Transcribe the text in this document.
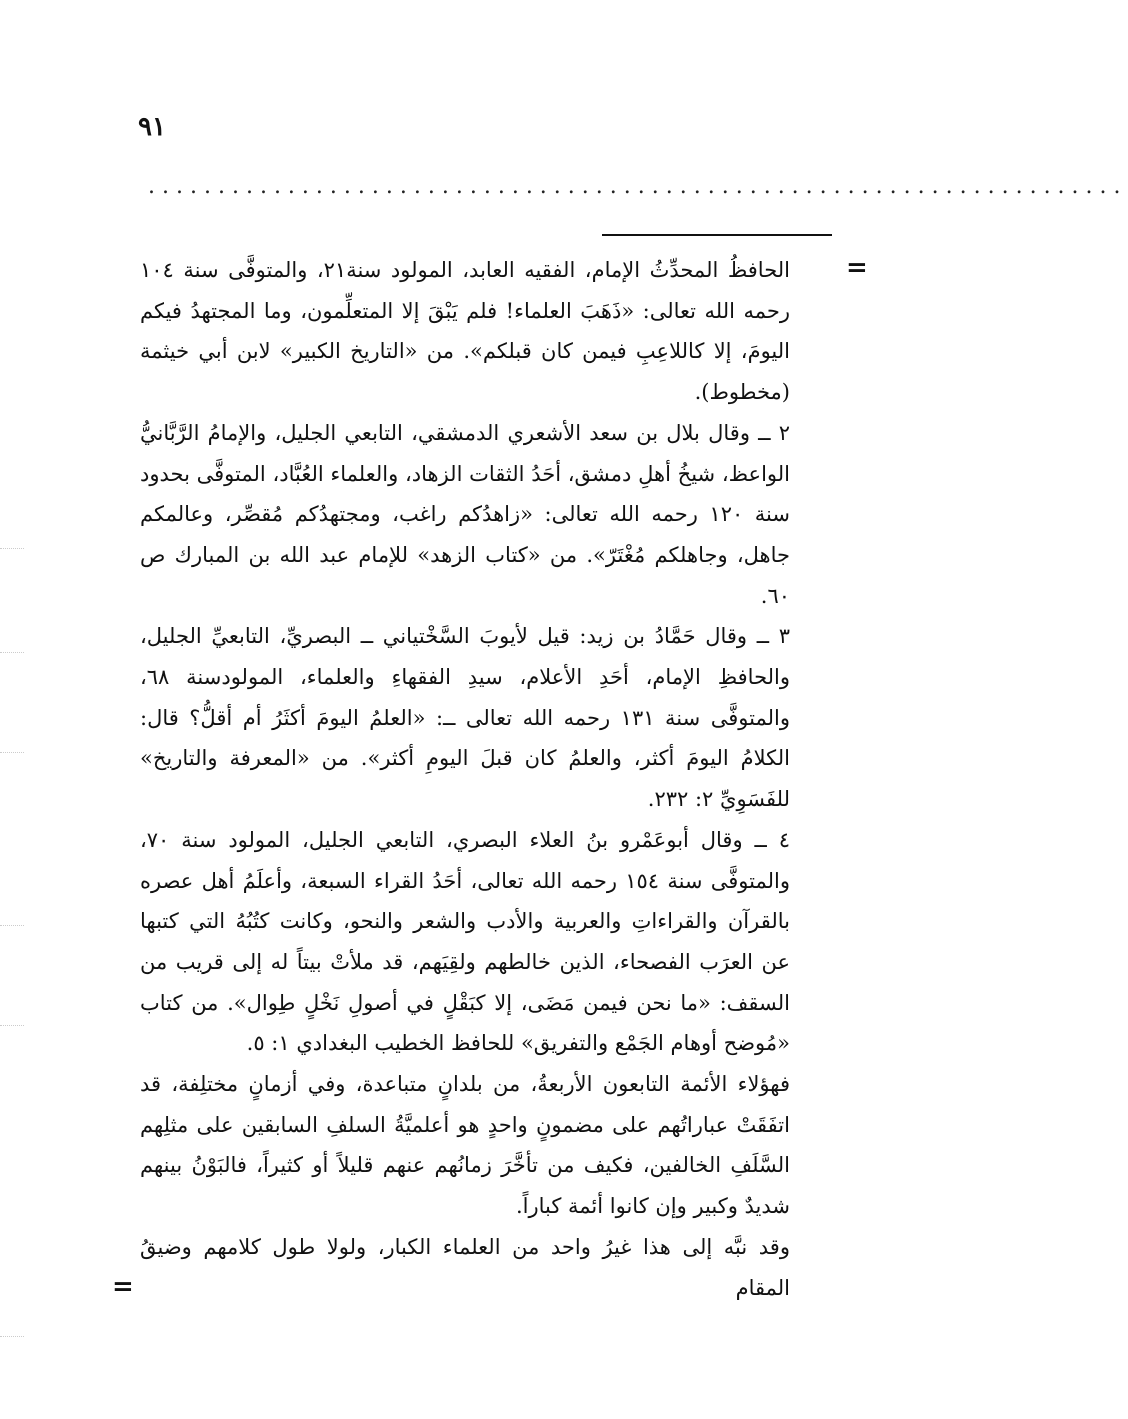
٩١
......................................................................
=

الحافظُ المحدِّثُ الإمام، الفقيه العابد، المولود سنة٢١، والمتوفَّى سنة ١٠٤ رحمه الله تعالى: «ذَهَبَ العلماء! فلم يَبْقَ إلا المتعلِّمون، وما المجتهدُ فيكم اليومَ، إلا كاللاعِبِ فيمن كان قبلكم». من «التاريخ الكبير» لابن أبي خيثمة (مخطوط).

٢ ــ وقال بلال بن سعد الأشعري الدمشقي، التابعي الجليل، والإمامُ الرَّبَّانيُّ الواعظ، شيخُ أهلِ دمشق، أحَدُ الثقات الزهاد، والعلماء العُبَّاد، المتوفَّى بحدود سنة ١٢٠ رحمه الله تعالى: «زاهدُكم راغب، ومجتهدُكم مُقصِّر، وعالمكم جاهل، وجاهلكم مُغْتَرّ». من «كتاب الزهد» للإمام عبد الله بن المبارك ص ٦٠.

٣ ــ وقال حَمَّادُ بن زيد: قيل لأيوبَ السَّخْتياني ــ البصريِّ، التابعيِّ الجليل، والحافظِ الإمام، أحَدِ الأعلام، سيدِ الفقهاءِ والعلماء، المولودسنة ٦٨، والمتوفَّى سنة ١٣١ رحمه الله تعالى ــ: «العلمُ اليومَ أكثَرُ أم أقلُّ؟ قال: الكلامُ اليومَ أكثر، والعلمُ كان قبلَ اليومِ أكثر». من «المعرفة والتاريخ» للفَسَوِيِّ ٢: ٢٣٢.

٤ ــ وقال أبوعَمْرو بنُ العلاء البصري، التابعي الجليل، المولود سنة ٧٠، والمتوفَّى سنة ١٥٤ رحمه الله تعالى، أحَدُ القراء السبعة، وأعلَمُ أهل عصره بالقرآن والقراءاتِ والعربية والأدب والشعر والنحو، وكانت كتُبُهُ التي كتبها عن العرَب الفصحاء، الذين خالطهم ولقِيَهم، قد ملأتْ بيتاً له إلى قريب من السقف: «ما نحن فيمن مَضَى، إلا كبَقْلٍ في أصولِ نَخْلٍ طِوال». من كتاب «مُوضح أوهام الجَمْع والتفريق» للحافظ الخطيب البغدادي ١: ٥.

فهؤلاء الأئمة التابعون الأربعةُ، من بلدانٍ متباعدة، وفي أزمانٍ مختلِفة، قد اتفَقَتْ عباراتُهم على مضمونٍ واحدٍ هو أعلميَّةُ السلفِ السابقين على مثلِهم السَّلَفِ الخالفين، فكيف من تأخَّرَ زمانُهم عنهم قليلاً أو كثيراً، فالبَوْنُ بينهم شديدٌ وكبير وإن كانوا أئمة كباراً.

وقد نبَّه إلى هذا غيرُ واحد من العلماء الكبار، ولولا طول كلامهم وضيقُ المقام

=
